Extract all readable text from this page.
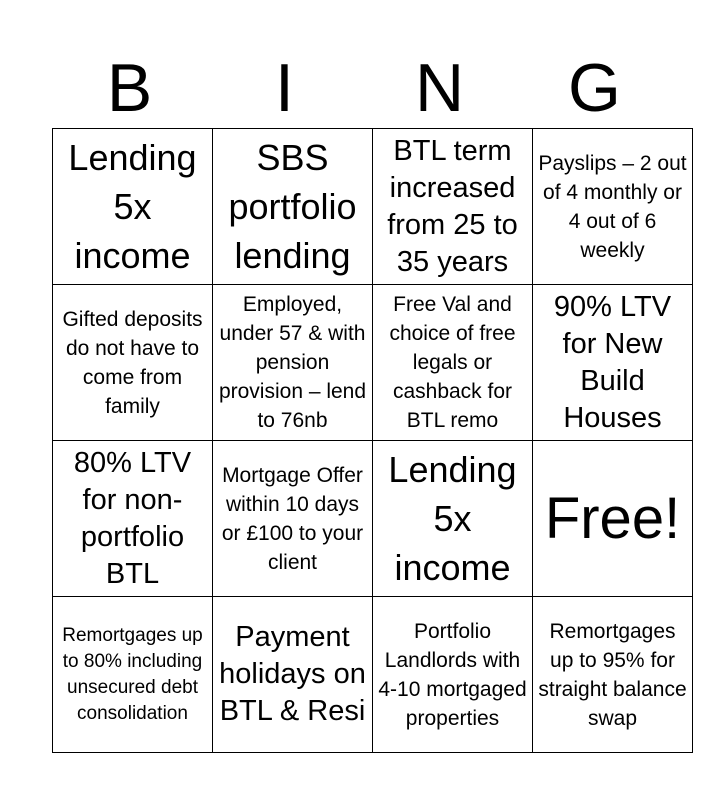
B	I	N	G
Lending 5x income	SBS portfolio lending	BTL term increased from 25 to 35 years	Payslips – 2 out of 4 monthly or 4 out of 6 weekly
Gifted deposits do not have to come from family	Employed, under 57 & with pension provision – lend to 76nb	Free Val and choice of free legals or cashback for BTL remo	90% LTV for New Build Houses
80% LTV for non-portfolio BTL	Mortgage Offer within 10 days or £100 to your client	Lending 5x income	Free!
Remortgages up to 80% including unsecured debt consolidation	Payment holidays on BTL & Resi	Portfolio Landlords with 4-10 mortgaged properties	Remortgages up to 95% for straight balance swap
